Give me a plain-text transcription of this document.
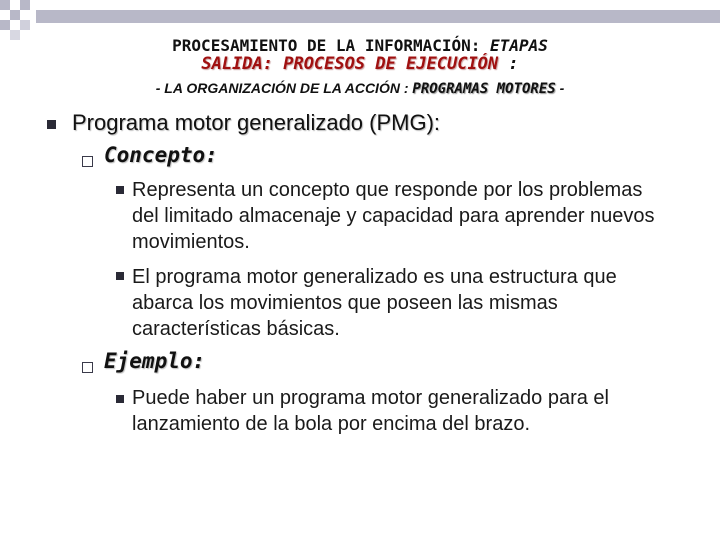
PROCESAMIENTO DE LA INFORMACIÓN: ETAPAS
SALIDA: PROCESOS DE EJECUCIÓN :
- LA ORGANIZACIÓN DE LA ACCIÓN : PROGRAMAS MOTORES -
Programa motor generalizado (PMG):
Concepto:
Representa un concepto que responde por los problemas del limitado almacenaje y capacidad para aprender nuevos movimientos.
El programa motor generalizado es una estructura que abarca los movimientos que poseen las mismas características básicas.
Ejemplo:
Puede haber un programa motor generalizado para el lanzamiento de la bola por encima del brazo.
